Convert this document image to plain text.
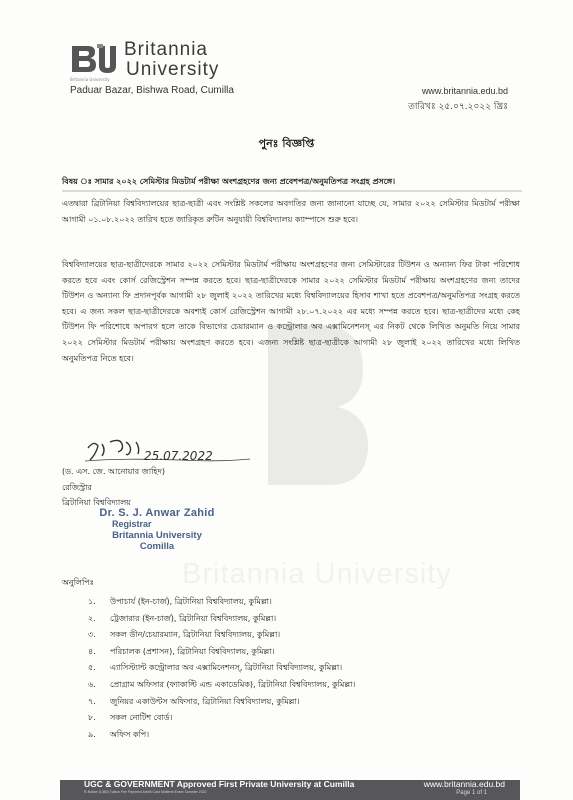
Britannia
University
Britannia University
Paduar Bazar, Bishwa Road, Cumilla	www.britannia.edu.bd
তারিখঃ ২৫.০৭.২০২২ খ্রিঃ
পুনঃ বিজ্ঞপ্তি
বিষয় ঃ সামার ২০২২ সেমিস্টার মিডটার্ম পরীক্ষা অংশগ্রহণের জন্য প্রবেশপত্র/অনুমতিপত্র সংগ্রহ প্রসঙ্গে।
এতদ্বারা ব্রিটানিয়া বিশ্ববিদ্যালয়ের ছাত্র-ছাত্রী এবং সংশ্লিষ্ট সকলের অবগতির জন্য জানানো যাচ্ছে যে, সামার ২০২২ সেমিস্টার মিডটার্ম পরীক্ষা আগামী ০১.০৮.২০২২ তারিখ হতে জারিকৃত রুটিন অনুযায়ী বিশ্ববিদ্যালয় ক্যাম্পাসে শুরু হবে।
বিশ্ববিদ্যালয়ের ছাত্র-ছাত্রীদেরকে সামার ২০২২ সেমিস্টার মিডটার্ম পরীক্ষায় অংশগ্রহণের জন্য সেমিস্টারের টিউশন ও অন্যান্য ফির টাকা পরিশোধ করতে হবে এবং কোর্স রেজিস্ট্রেশন সম্পন্ন করতে হবে। ছাত্র-ছাত্রীদেরকে সামার ২০২২ সেমিস্টার মিডটার্ম পরীক্ষায় অংশগ্রহণের জন্য তাদের টিউশন ও অন্যান্য ফি প্রদানপূর্বক আগামী ২৮ জুলাই ২০২২ তারিখের মধ্যে বিশ্ববিদ্যালয়ের হিসাব শাখা হতে প্রবেশপত্র/অনুমতিপত্র সংগ্রহ করতে হবে। এ জন্য সকল ছাত্র-ছাত্রীদেরকে অবশ্যই কোর্স রেজিস্ট্রেশন আগামী ২৮.০৭.২০২২ এর মধ্যে সম্পন্ন করতে হবে। ছাত্র-ছাত্রীদের মধ্যে কেহ টিউশন ফি পরিশোধে অপারগ হলে তাকে বিভাগের চেয়ারম্যান ও কন্ট্রোলার অব এক্সামিনেশনস্ এর নিকট থেকে লিখিত অনুমতি নিয়ে সামার ২০২২ সেমিস্টার মিডটার্ম পরীক্ষায় অংশগ্রহণ করতে হবে। এজন্য সংশ্লিষ্ট ছাত্র-ছাত্রীকে আগামী ২৮ জুলাই ২০২২ তারিখের মধ্যে লিখিত অনুমতিপত্র নিতে হবে।
25.07.2022
(ড. এস. জে. আনোয়ার জাহিদ)
রেজিস্ট্রার
ব্রিটানিয়া বিশ্ববিদ্যালয়
Dr. S. J. Anwar Zahid
Registrar
Britannia University
Comilla
অনুলিপিঃ
১. উপাচার্য (ইন-চার্জ), ব্রিটানিয়া বিশ্ববিদ্যালয়, কুমিল্লা।
২. ট্রেজারার (ইন-চার্জ), ব্রিটানিয়া বিশ্ববিদ্যালয়, কুমিল্লা।
৩. সকল ডীন/চেয়ারম্যান, ব্রিটানিয়া বিশ্ববিদ্যালয়, কুমিল্লা।
৪. পরিচালক (প্রশাসন), ব্রিটানিয়া বিশ্ববিদ্যালয়, কুমিল্লা।
৫. এ্যাসিস্ট্যান্ট কন্ট্রোলার অব এক্সামিনেশনস্, ব্রিটানিয়া বিশ্ববিদ্যালয়, কুমিল্লা।
৬. প্রোগ্রাম অফিসার (ফ্যাকাল্টি এন্ড একাডেমিক), ব্রিটানিয়া বিশ্ববিদ্যালয়, কুমিল্লা।
৭. জুনিয়র একাউন্টস অফিসার, ব্রিটানিয়া বিশ্ববিদ্যালয়, কুমিল্লা।
৮. সকল নোটিশ বোর্ড।
৯. অফিস কপি।
UGC & GOVERNMENT Approved First Private University at Cumilla	www.britannia.edu.bd
R-Notice (1360) Tuition Fee Payment Admit Card Midterm Exam Summer 2022	Page 1 of 1
